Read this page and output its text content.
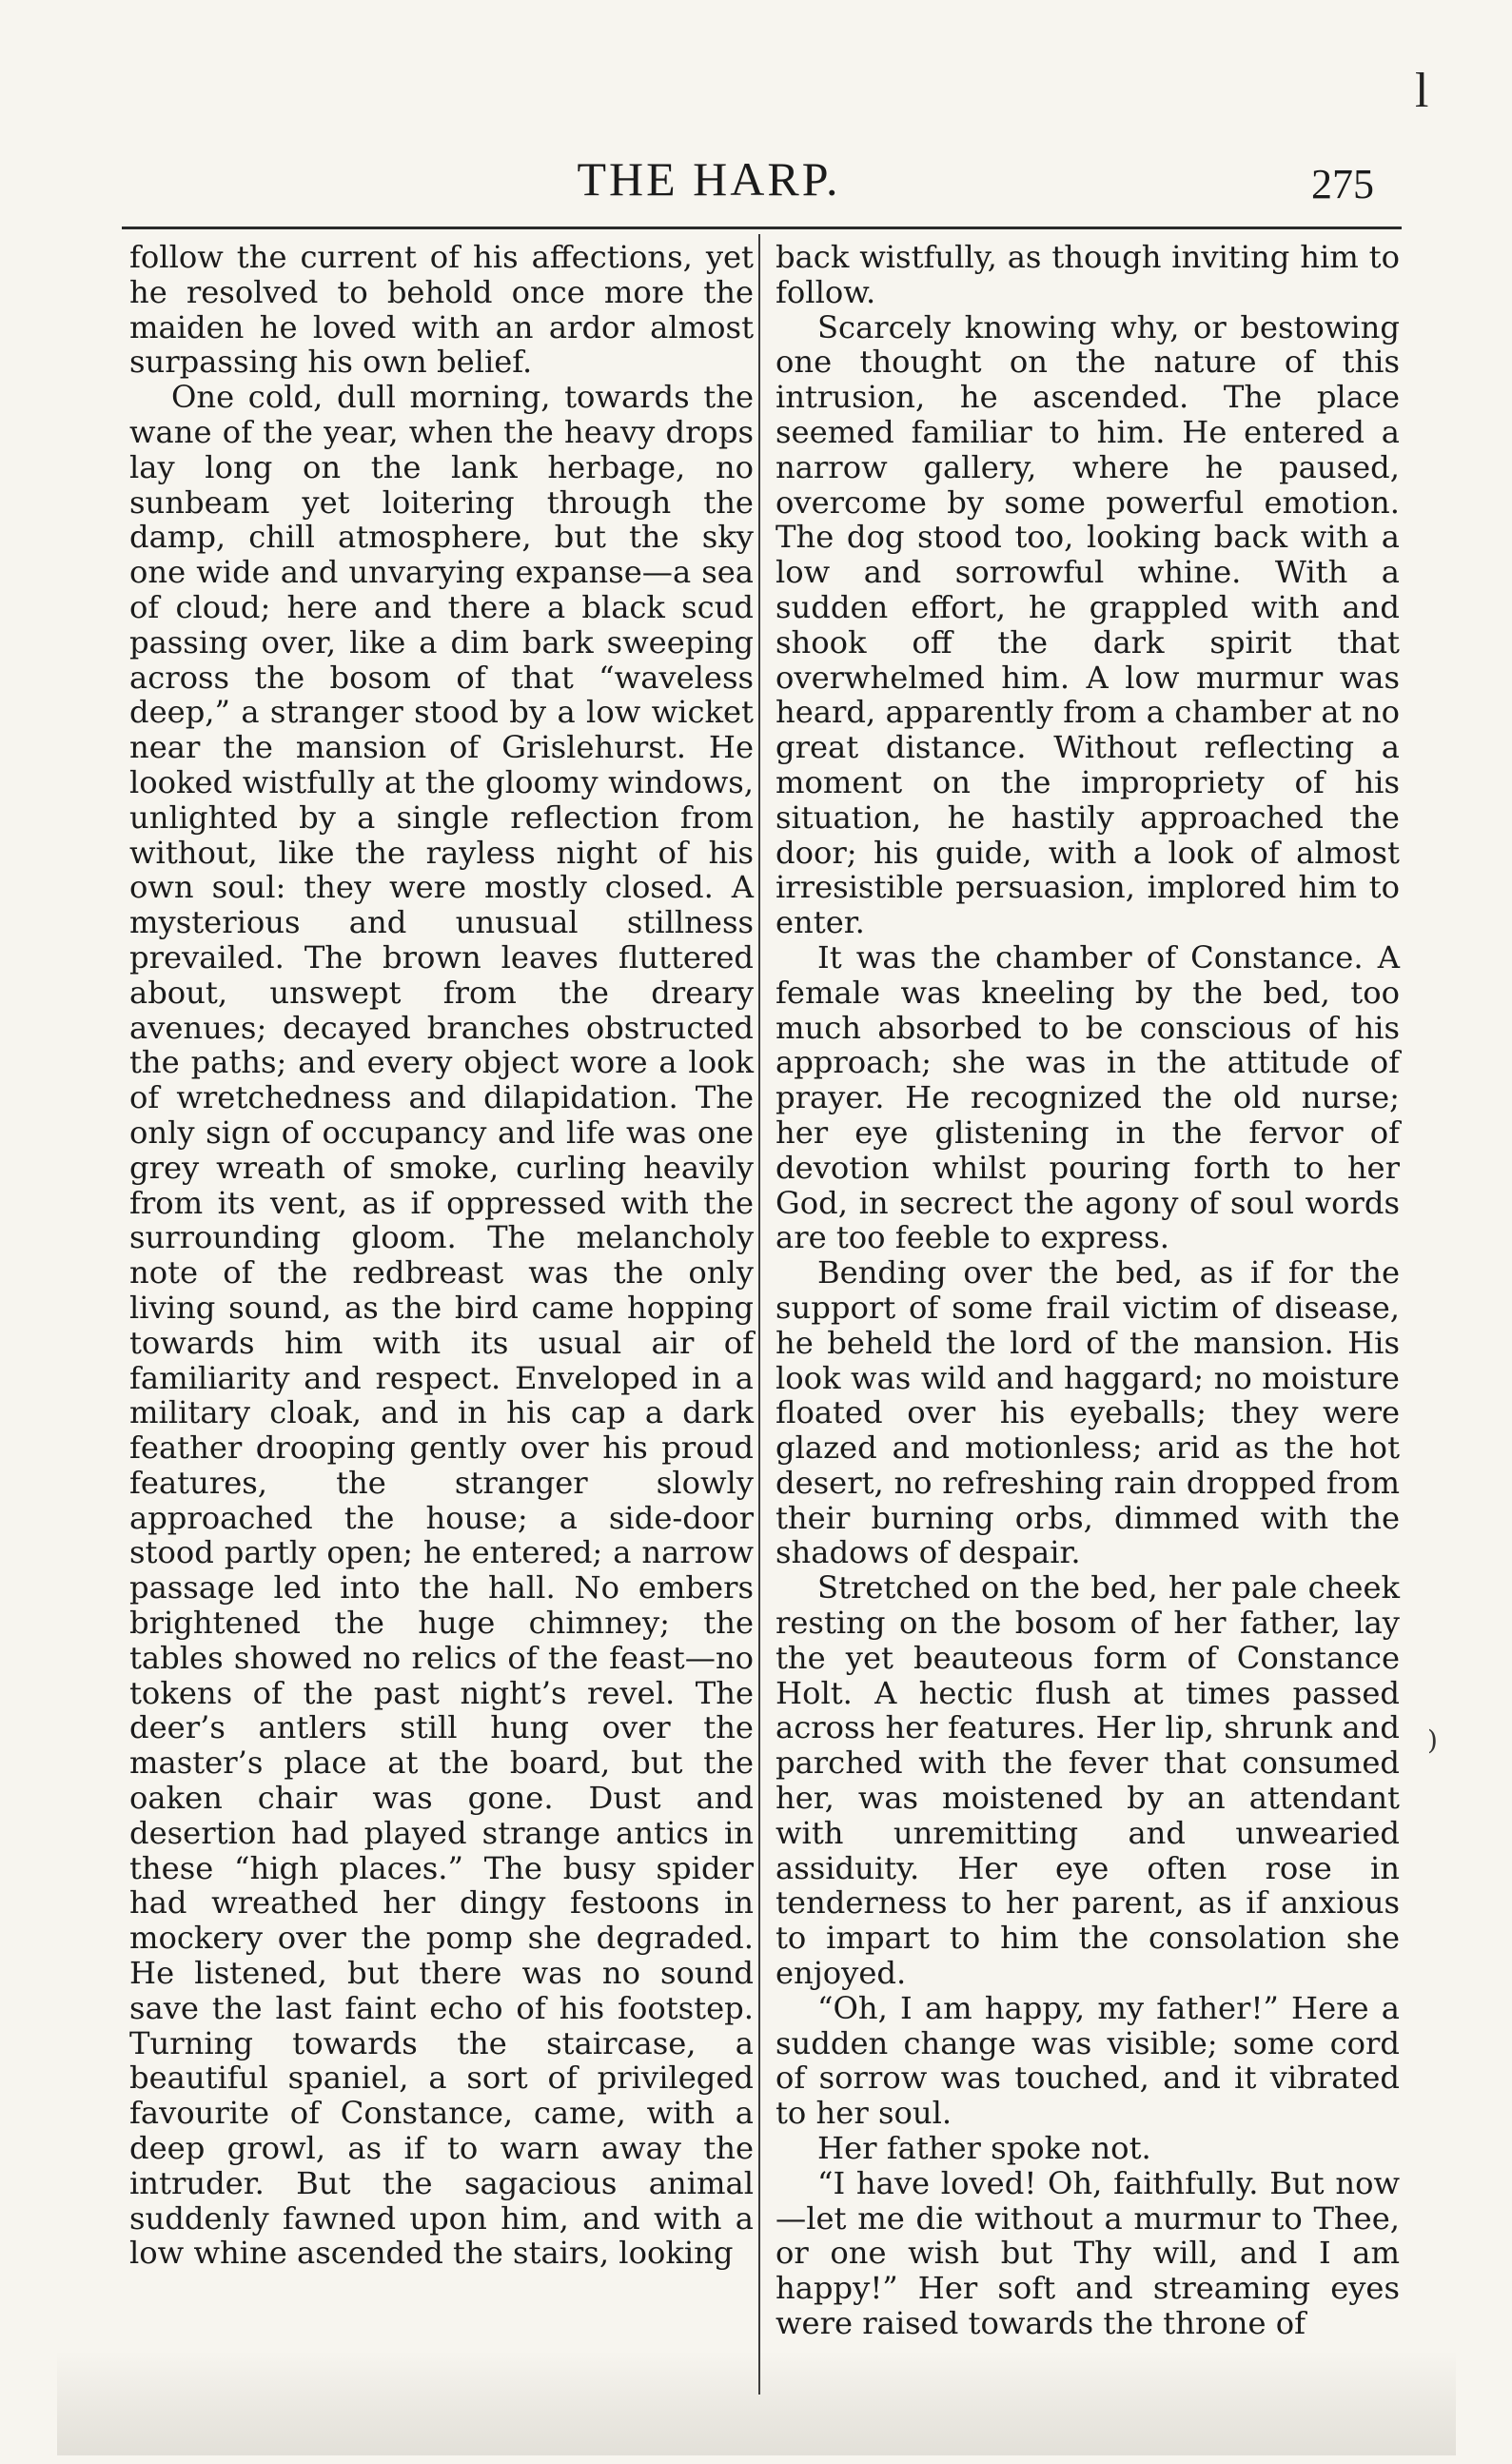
l
THE HARP.	275

follow the current of his affections, yet he resolved to behold once more the maiden he loved with an ardor almost surpassing his own belief.

One cold, dull morning, towards the wane of the year, when the heavy drops lay long on the lank herbage, no sunbeam yet loitering through the damp, chill atmosphere, but the sky one wide and unvarying expanse—a sea of cloud; here and there a black scud passing over, like a dim bark sweeping across the bosom of that “waveless deep,” a stranger stood by a low wicket near the mansion of Grislehurst. He looked wistfully at the gloomy windows, unlighted by a single reflection from without, like the rayless night of his own soul: they were mostly closed. A mysterious and unusual stillness prevailed. The brown leaves fluttered about, unswept from the dreary avenues; decayed branches obstructed the paths; and every object wore a look of wretchedness and dilapidation. The only sign of occupancy and life was one grey wreath of smoke, curling heavily from its vent, as if oppressed with the surrounding gloom. The melancholy note of the redbreast was the only living sound, as the bird came hopping towards him with its usual air of familiarity and respect. Enveloped in a military cloak, and in his cap a dark feather drooping gently over his proud features, the stranger slowly approached the house; a side-door stood partly open; he entered; a narrow passage led into the hall. No embers brightened the huge chimney; the tables showed no relics of the feast—no tokens of the past night’s revel. The deer’s antlers still hung over the master’s place at the board, but the oaken chair was gone. Dust and desertion had played strange antics in these “high places.” The busy spider had wreathed her dingy festoons in mockery over the pomp she degraded. He listened, but there was no sound save the last faint echo of his footstep. Turning towards the staircase, a beautiful spaniel, a sort of privileged favourite of Constance, came, with a deep growl, as if to warn away the intruder. But the sagacious animal suddenly fawned upon him, and with a low whine ascended the stairs, looking

back wistfully, as though inviting him to follow.

Scarcely knowing why, or bestowing one thought on the nature of this intrusion, he ascended. The place seemed familiar to him. He entered a narrow gallery, where he paused, overcome by some powerful emotion. The dog stood too, looking back with a low and sorrowful whine. With a sudden effort, he grappled with and shook off the dark spirit that overwhelmed him. A low murmur was heard, apparently from a chamber at no great distance. Without reflecting a moment on the impropriety of his situation, he hastily approached the door; his guide, with a look of almost irresistible persuasion, implored him to enter.

It was the chamber of Constance. A female was kneeling by the bed, too much absorbed to be conscious of his approach; she was in the attitude of prayer. He recognized the old nurse; her eye glistening in the fervor of devotion whilst pouring forth to her God, in secrect the agony of soul words are too feeble to express.

Bending over the bed, as if for the support of some frail victim of disease, he beheld the lord of the mansion. His look was wild and haggard; no moisture floated over his eyeballs; they were glazed and motionless; arid as the hot desert, no refreshing rain dropped from their burning orbs, dimmed with the shadows of despair.

Stretched on the bed, her pale cheek resting on the bosom of her father, lay the yet beauteous form of Constance Holt. A hectic flush at times passed across her features. Her lip, shrunk and parched with the fever that consumed her, was moistened by an attendant with unremitting and unwearied assiduity. Her eye often rose in tenderness to her parent, as if anxious to impart to him the consolation she enjoyed.

“Oh, I am happy, my father!” Here a sudden change was visible; some cord of sorrow was touched, and it vibrated to her soul.

Her father spoke not.

“I have loved! Oh, faithfully. But now—let me die without a murmur to Thee, or one wish but Thy will, and I am happy!” Her soft and streaming eyes were raised towards the throne of

)
